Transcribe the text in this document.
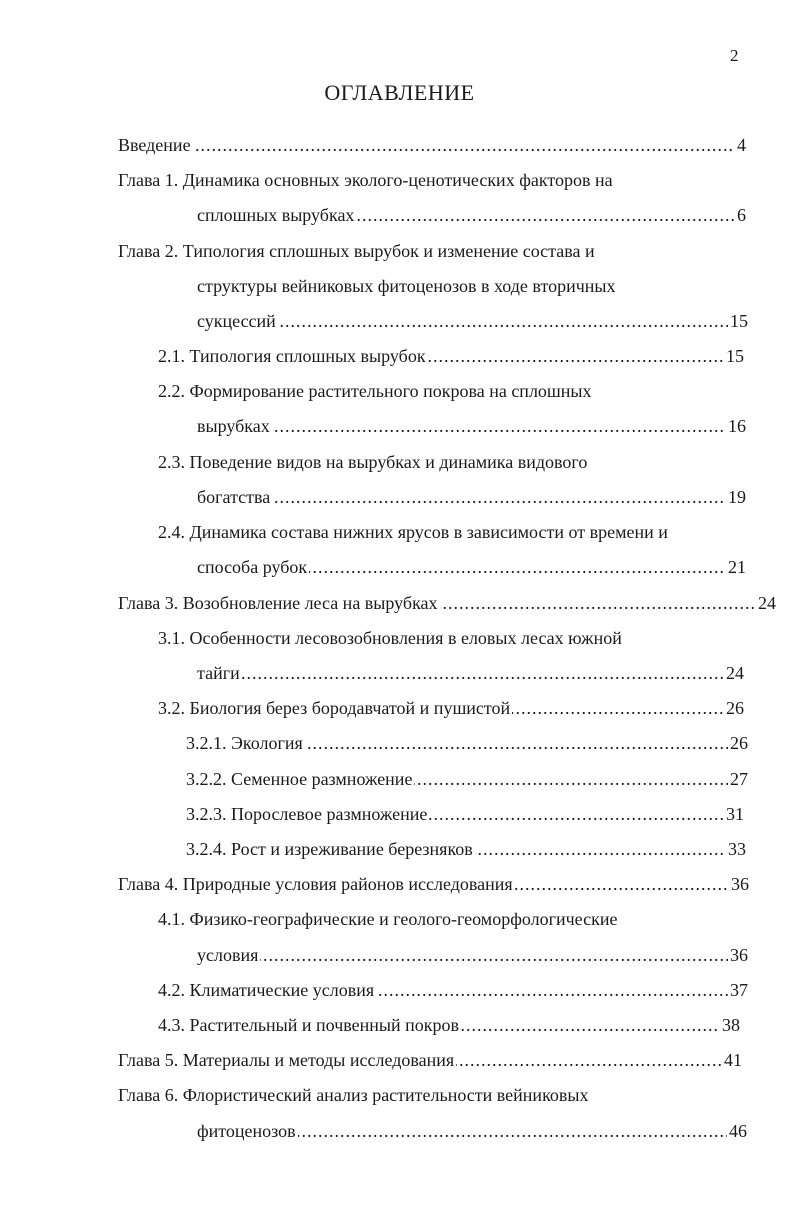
2
ОГЛАВЛЕНИЕ
..... Введение	4
Глава 1. Динамика основных эколого-ценотических факторов на
..... сплошных вырубках	6
Глава 2. Типология сплошных вырубок и изменение состава и
структуры вейниковых фитоценозов в ходе вторичных
..... сукцессий	15
..... 2.1. Типология сплошных вырубок	15
2.2. Формирование растительного покрова на сплошных
..... вырубках	16
2.3. Поведение видов на вырубках и динамика видового
..... богатства	19
2.4. Динамика состава нижних ярусов в зависимости от времени и
..... способа рубок	21
..... Глава 3. Возобновление леса на вырубках	24
3.1. Особенности лесовозобновления в еловых лесах южной
..... тайги	24
..... 3.2. Биология берез бородавчатой и пушистой	26
..... 3.2.1. Экология	26
..... 3.2.2. Семенное размножение	27
..... 3.2.3. Порослевое размножение	31
..... 3.2.4. Рост и изреживание березняков	33
..... Глава 4. Природные условия районов исследования	36
4.1. Физико-географические и геолого-геоморфологические
..... условия	36
..... 4.2. Климатические условия	37
..... 4.3. Растительный и почвенный покров	38
..... Глава 5. Материалы и методы исследования	41
Глава 6. Флористический анализ растительности вейниковых
..... фитоценозов	46
